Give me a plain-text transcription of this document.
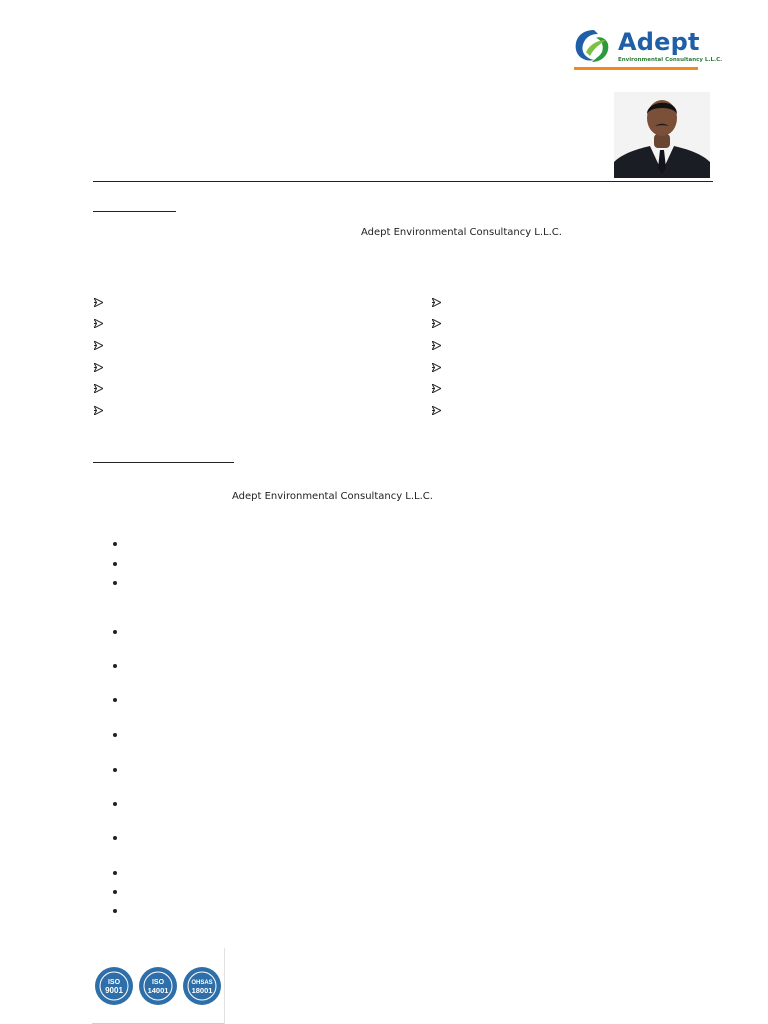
Adept
Environmental Consultancy L.L.C.
Adept Environmental Consultancy L.L.C.
Adept Environmental Consultancy L.L.C.
ISO
9001
ISO
14001
OHSAS
18001
